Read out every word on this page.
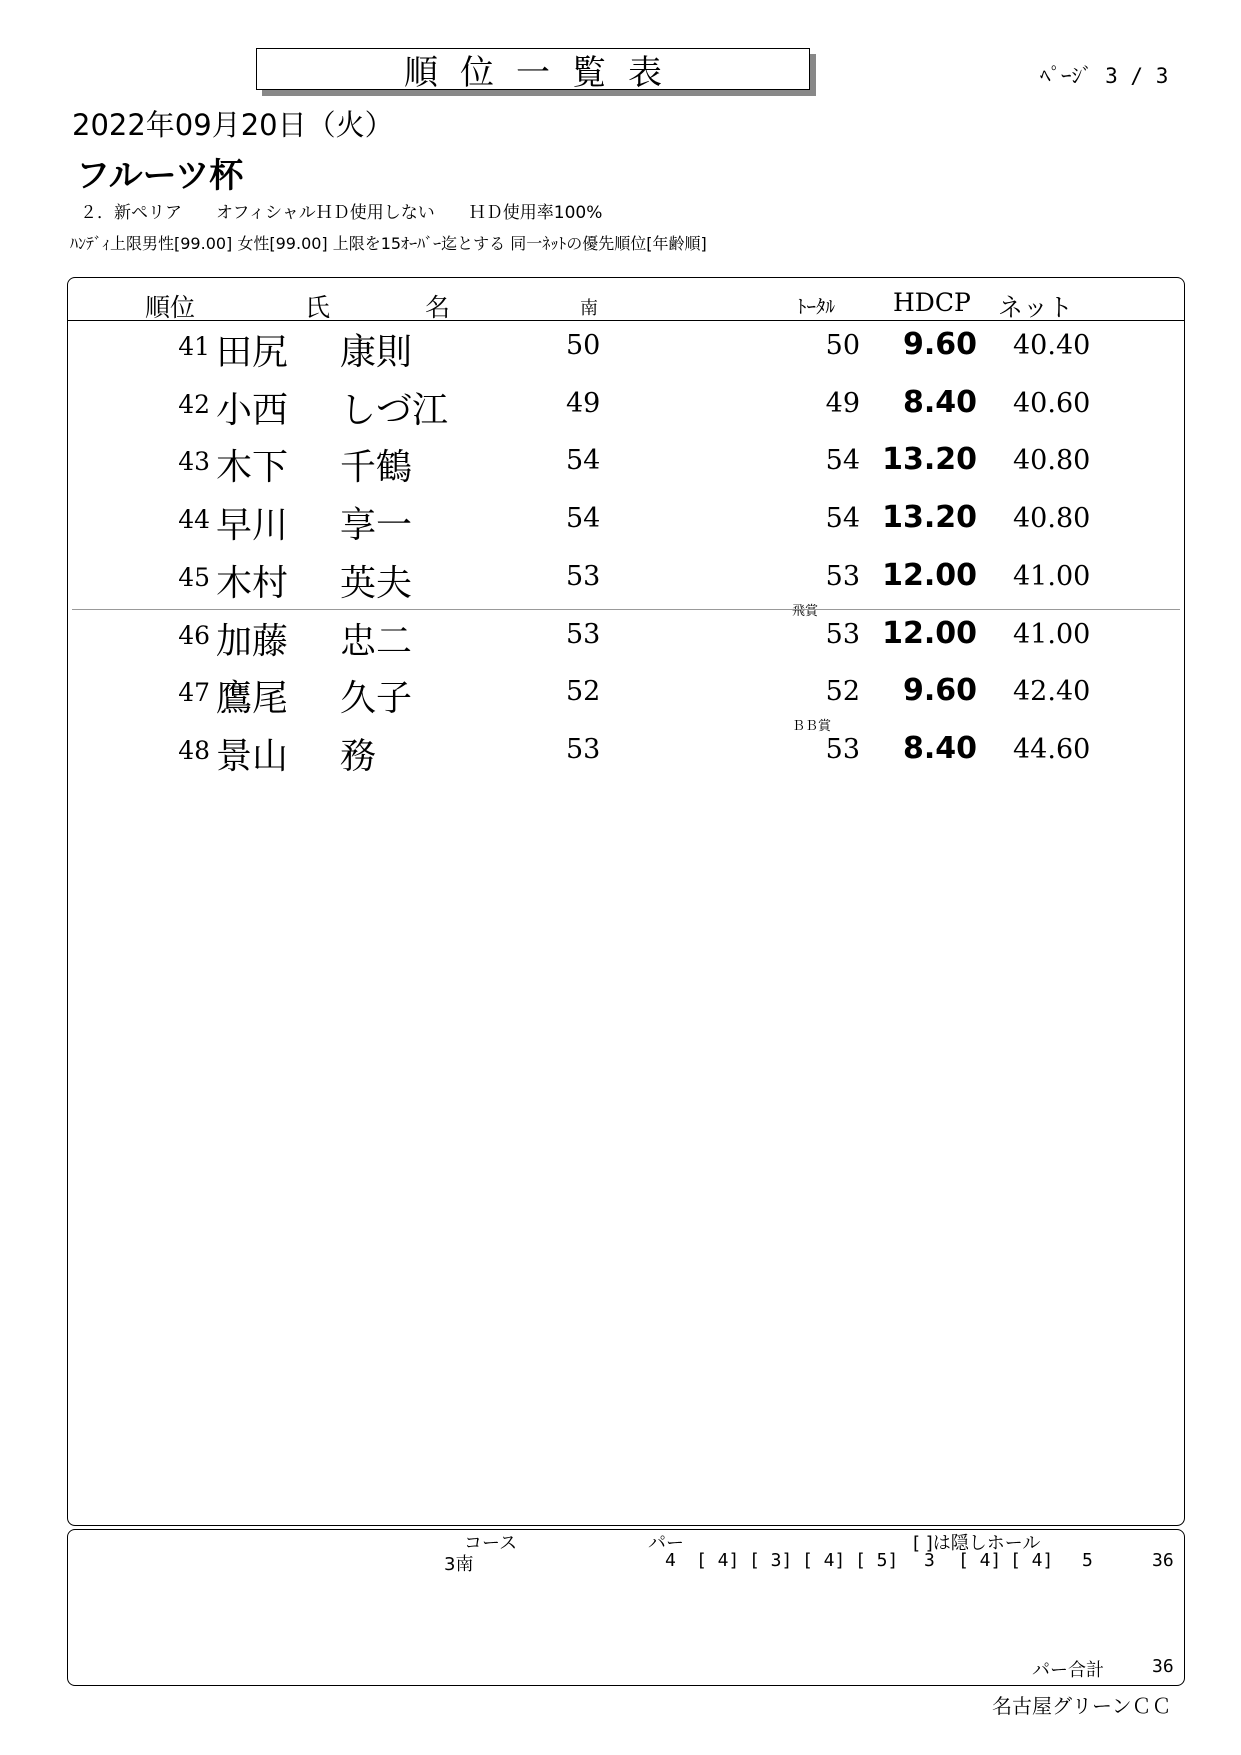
順位一覧表	ﾍﾟｰｼﾞ 3 / 3
2022年09月20日（火）
フルーツ杯
２．新ペリア　　オフィシャルＨＤ使用しない　　ＨＤ使用率100%
ﾊﾝﾃﾞｨ上限男性[99.00] 女性[99.00] 上限を15ｵｰﾊﾞｰ迄とする 同一ﾈｯﾄの優先順位[年齢順]
順位	氏	名	南	ﾄｰﾀﾙ HDCP ネット
41 田尻 康則	50	50	9.60 40.40
42 小西 しづ江	49	49	8.40 40.60
43 木下 千鶴	54	54 13.20 40.80
44 早川 享一	54	54 13.20 40.80
45 木村 英夫	53	53 12.00 41.00
飛賞
46 加藤 忠二	53	53 12.00 41.00
47 鷹尾 久子	52	52	9.60 42.40
ＢＢ賞
48 景山 務	53	53	8.40 44.60
コース	パー	[ ]は隠しホール
3南	4 [ 4] [ 3] [ 4] [ 5] 3 [ 4] [ 4] 5	36
パー合計	36
名古屋グリーンＣＣ
